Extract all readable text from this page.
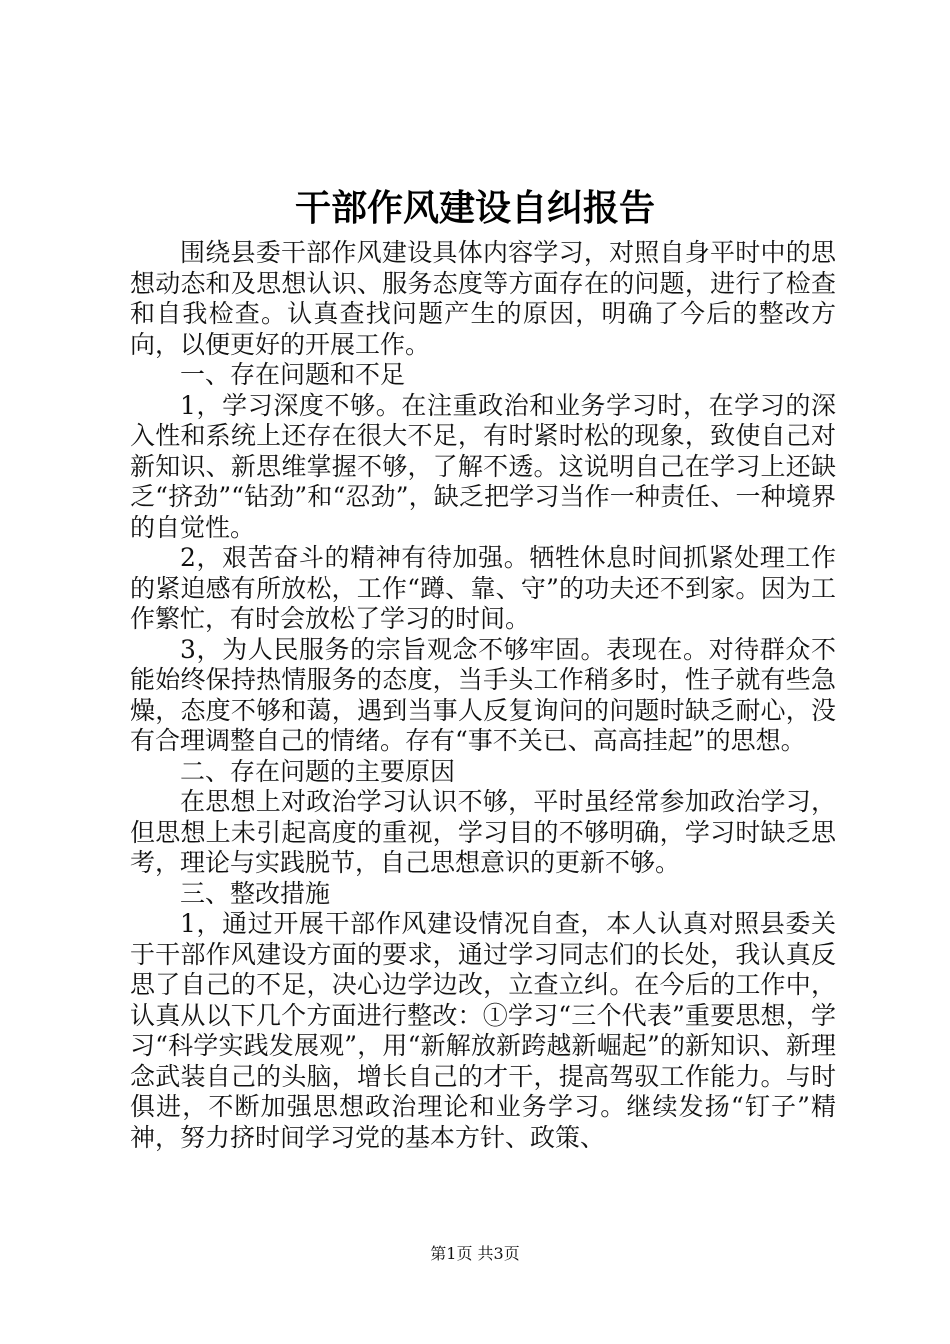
干部作风建设自纠报告

围绕县委干部作风建设具体内容学习，对照自身平时中的思想动态和及思想认识、服务态度等方面存在的问题，进行了检查和自我检查。认真查找问题产生的原因，明确了今后的整改方向，以便更好的开展工作。

一、存在问题和不足

1，学习深度不够。在注重政治和业务学习时，在学习的深入性和系统上还存在很大不足，有时紧时松的现象，致使自己对新知识、新思维掌握不够，了解不透。这说明自己在学习上还缺乏“挤劲”“钻劲”和“忍劲”，缺乏把学习当作一种责任、一种境界的自觉性。

2，艰苦奋斗的精神有待加强。牺牲休息时间抓紧处理工作的紧迫感有所放松，工作“蹲、靠、守”的功夫还不到家。因为工作繁忙，有时会放松了学习的时间。

3，为人民服务的宗旨观念不够牢固。表现在。对待群众不能始终保持热情服务的态度，当手头工作稍多时，性子就有些急燥，态度不够和蔼，遇到当事人反复询问的问题时缺乏耐心，没有合理调整自己的情绪。存有“事不关已、高高挂起”的思想。

二、存在问题的主要原因

在思想上对政治学习认识不够，平时虽经常参加政治学习，但思想上未引起高度的重视，学习目的不够明确，学习时缺乏思考，理论与实践脱节，自己思想意识的更新不够。

三、整改措施

1，通过开展干部作风建设情况自查，本人认真对照县委关于干部作风建设方面的要求，通过学习同志们的长处，我认真反思了自己的不足，决心边学边改，立查立纠。在今后的工作中，认真从以下几个方面进行整改：①学习“三个代表”重要思想，学习“科学实践发展观”，用“新解放新跨越新崛起”的新知识、新理念武装自己的头脑，增长自己的才干，提高驾驭工作能力。与时俱进，不断加强思想政治理论和业务学习。继续发扬“钉子”精神，努力挤时间学习党的基本方针、政策、

第1页 共3页
